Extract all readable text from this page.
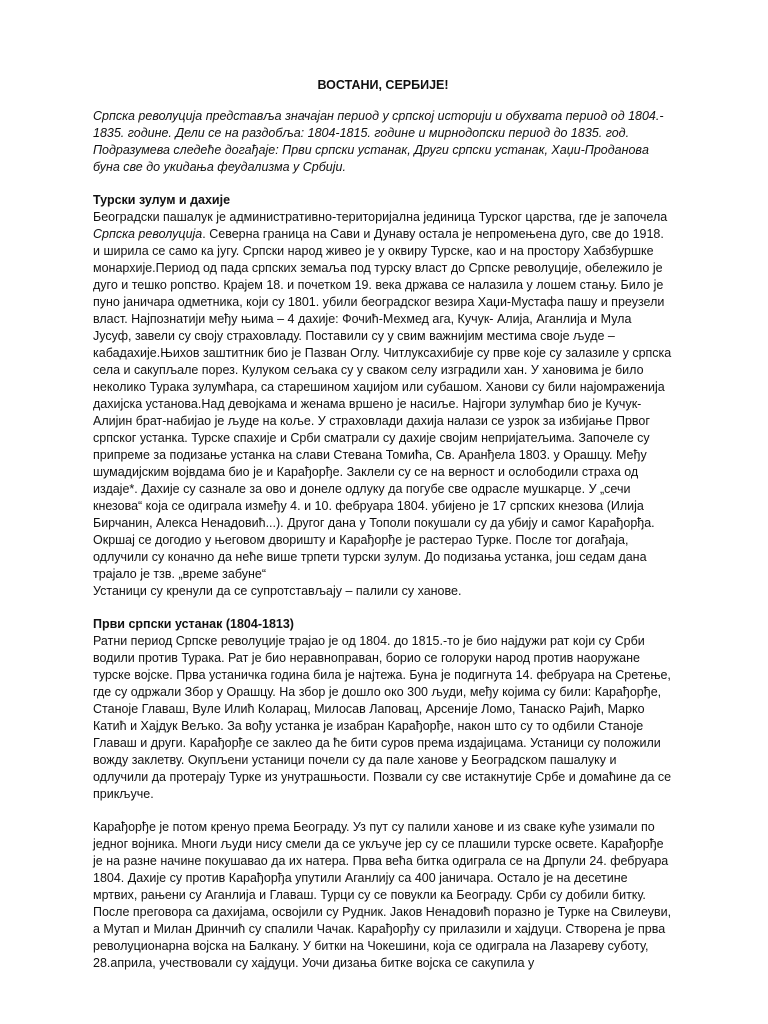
ВОСТАНИ, СЕРБИЈЕ!

Српска револуција представља значајан период у српској историји и обухвата период од 1804.- 1835. године. Дели се на раздобља: 1804-1815. године и мирнодопски период до 1835. год. Подразумева следеће догађаје: Први српски устанак, Други српски устанак, Хаџи-Продановa буна све до укидања феудализма у Србији.

Турски зулум и дахије

Београдски пашалук је административно-територијална јединица Турског царства, где је започела Српска револуција. Северна граница на Сави и Дунаву остала је непромењена дуго, све до 1918. и ширила се само ка југу. Српски народ живео је у оквиру Турске, као и на простору Хабзбуршке монархије.Период од пада српских земаља под турску власт до Српске револуције, обележило је дуго и тешко ропство. Крајем 18. и почетком 19. века држава се налазила у лошем стању. Било је пуно јаничара одметника, који су 1801. убили београдског везира Хаџи-Мустафа пашу и преузели власт. Најпознатији међу њима – 4 дахије: Фочић-Мехмед ага, Кучук- Алија, Аганлија и Мула Јусуф, завели су своју страховладу. Поставили су у свим важнијим местима своје људе – кабадахије.Њихов заштитник био је Пазван Оглу. Читлуксахибије су прве које су залазиле у српска села и сакупљале порез. Кулуком сељака су у сваком селу изградили хан. У хановима је било неколико Турака зулумћара, са старешином хаџијом или субашом. Ханови су били најомраженија дахијска установа.Над девојкама и женама вршено је насиље. Најгори зулумћар био је Кучук-Алијин брат-набијао је људе на коље. У страховлади дахија налази се узрок за избијање Првог српског устанка. Турске спахије и Срби сматрали су дахије својим непријатељима. Започеле су припреме за подизање устанка на слави Стевана Томића, Св. Аранђела 1803. у Орашцу. Међу шумадијским војвдама био је и Карађорђе. Заклели су се на верност и ослободили страха од издаје*. Дахије су сазнале за ово и донеле одлуку да погубе све одрасле мушкарце. У „сечи кнезова“ која се одиграла између 4. и 10. фебруара 1804. убијено је 17 српских кнезова (Илија Бирчанин, Алекса Ненадовић...). Другог дана у Тополи покушали су да убију и самог Карађорђа. Окршај се догодио у његовом дворишту и Карађорђе је растерао Турке. После тог догађаја, одлучили су коначно да неће више трпети турски зулум. До подизања устанка, још седам дана трајало је тзв. „време забуне“

Устаници су кренули да се супротстављају – палили су ханове.

Први српски устанак (1804-1813)

Ратни период Српске револуције трајао је од 1804. до 1815.-то је био најдужи рат који су Срби водили против Турака. Рат је био неравноправан, борио се голоруки народ против наоружане турске војске. Прва устаничка година била је најтежа. Буна је подигнута 14. фебруара на Сретење, где су одржали Збор у Орашцу. На збор је дошло око 300 људи, међу којима су били: Карађорђе, Станоје Главаш, Вуле Илић Коларац, Милосав Лаповац, Арсеније Ломо, Танаско Рајић, Марко Катић и Хајдук Вељко. За вођу устанка је изабран Карађорђе, након што су то одбили Станоје Главаш и други. Карађорђе се заклео да ће бити суров према издајицама. Устаници су положили вожду заклетву. Окупљени устаници почели су да пале ханове у Београдском пашалуку и одлучили да протерају Турке из унутрашњости. Позвали су све истакнутије Србе и домаћине да се прикључе.

Карађорђе је потом кренуо према Београду. Уз пут су палили ханове и из сваке куће узимали по једног војника. Многи људи нису смели да се укључе јер су се плашили турске освете. Карађорђе је на разне начине покушавао да их натера. Прва већа битка одиграла се на Дрпули 24. фебруара 1804. Дахије су против Карађорђа упутили Аганлију са 400 јаничара. Остало је на десетине мртвих, рањени су Аганлија и Главаш. Турци су се повукли ка Београду. Срби су добили битку. После преговора са дахијама, освојили су Рудник. Јаков Ненадовић поразно је Турке на Свилеуви, а Мутап и Милан Дринчић су спалили Чачак. Карађорђу су прилазили и хајдуци. Створена је прва револуционарна војска на Балкану. У битки на Чокешини, која се одиграла на Лазареву суботу, 28.априла, учествовали су хајдуци. Уочи дизања битке војска се сакупила у
